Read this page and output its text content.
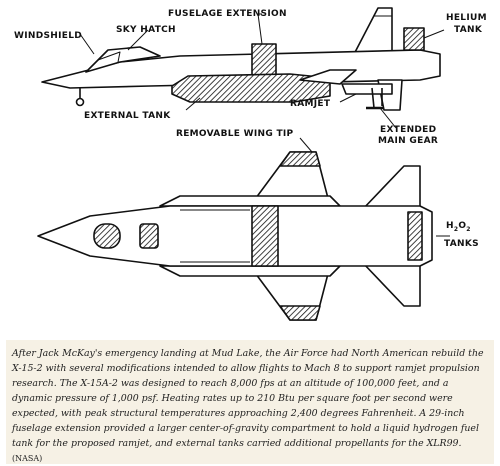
WINDSHIELD
SKY HATCH
FUSELAGE EXTENSION	HELIUM
TANK
EXTERNAL TANK
RAMJET
EXTENDED
MAIN GEAR
REMOVABLE WING TIP
$H_2O_2$
TANKS
After Jack McKay's emergency landing at Mud Lake, the Air Force had North American rebuild the X-15-2 with several modifications intended to allow flights to Mach 8 to support ramjet propulsion research. The X-15A-2 was designed to reach 8,000 fps at an altitude of 100,000 feet, and a dynamic pressure of 1,000 psf. Heating rates up to 210 Btu per square foot per second were expected, with peak structural temperatures approaching 2,400 degrees Fahrenheit. A 29-inch fuselage extension provided a larger center-of-gravity compartment to hold a liquid hydrogen fuel tank for the proposed ramjet, and external tanks carried additional propellants for the XLR99. (NASA)
